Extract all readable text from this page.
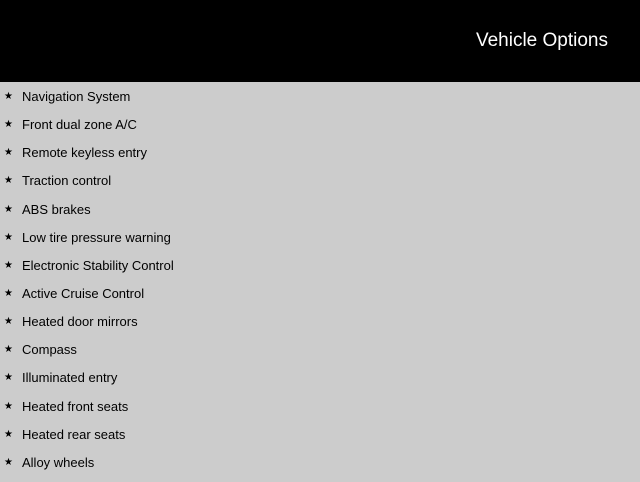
Vehicle Options
★ Navigation System
★ Front dual zone A/C
★ Remote keyless entry
★ Traction control
★ ABS brakes
★ Low tire pressure warning
★ Electronic Stability Control
★ Active Cruise Control
★ Heated door mirrors
★ Compass
★ Illuminated entry
★ Heated front seats
★ Heated rear seats
★ Alloy wheels
